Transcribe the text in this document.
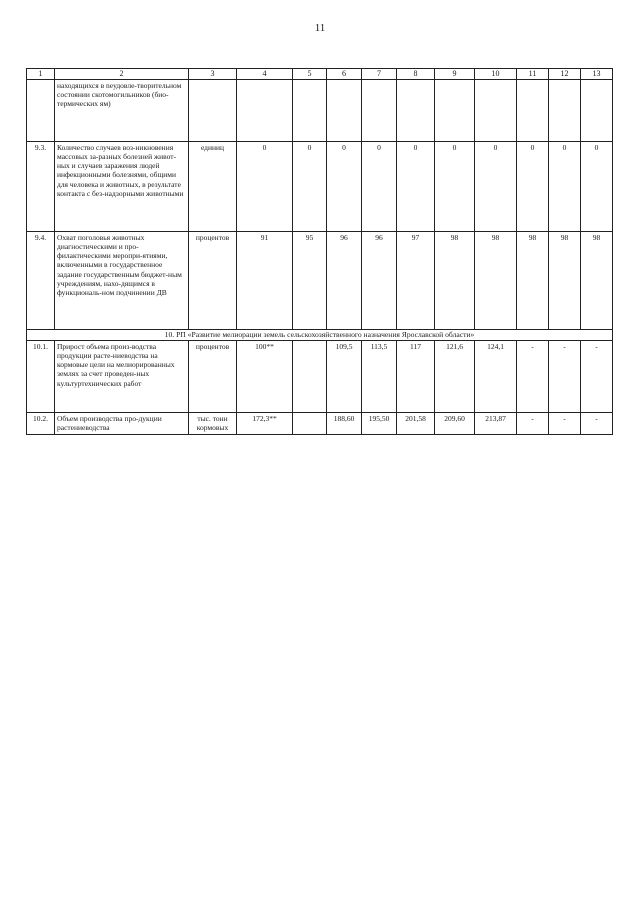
11
1	2	3	4	5	6	7	8	9	10	11	12	13
	находящихся в neудовле-творительном состоянии скотомогильников (био-термических ям)											
9.3.	Количество случаев воз-никновения массовых за-разных болезней живот-ных и случаев заражения людей инфекционными болезнями, общими для человека и животных, в результате контакта с без-надзорными животными	единиц	0	0	0	0	0	0	0	0	0	0
9.4.	Охват поголовья животных диагностическими и про-филактическими меропри-ятиями, включенными в государственное задание государственным бюджет-ным учреждениям, нахо-дящимся в функциональ-ном подчинении ДВ	процентов	91	95	96	96	97	98	98	98	98	98
10. РП «Развитие мелиорации земель сельскохозяйственного назначения Ярославской области»												
10.1.	Прирост объема произ-водства продукции расте-ниеводства на кормовые цели на мелиорированных землях за счет проведен-ных культуртехнических работ	процентов	100**		109,5	113,5	117	121,6	124,1	-	-	-
10.2.	Объем производства про-дукции растениеводства	тыс. тонн кормовых	172,3**		188,60	195,50	201,58	209,60	213,87	-	-	-
